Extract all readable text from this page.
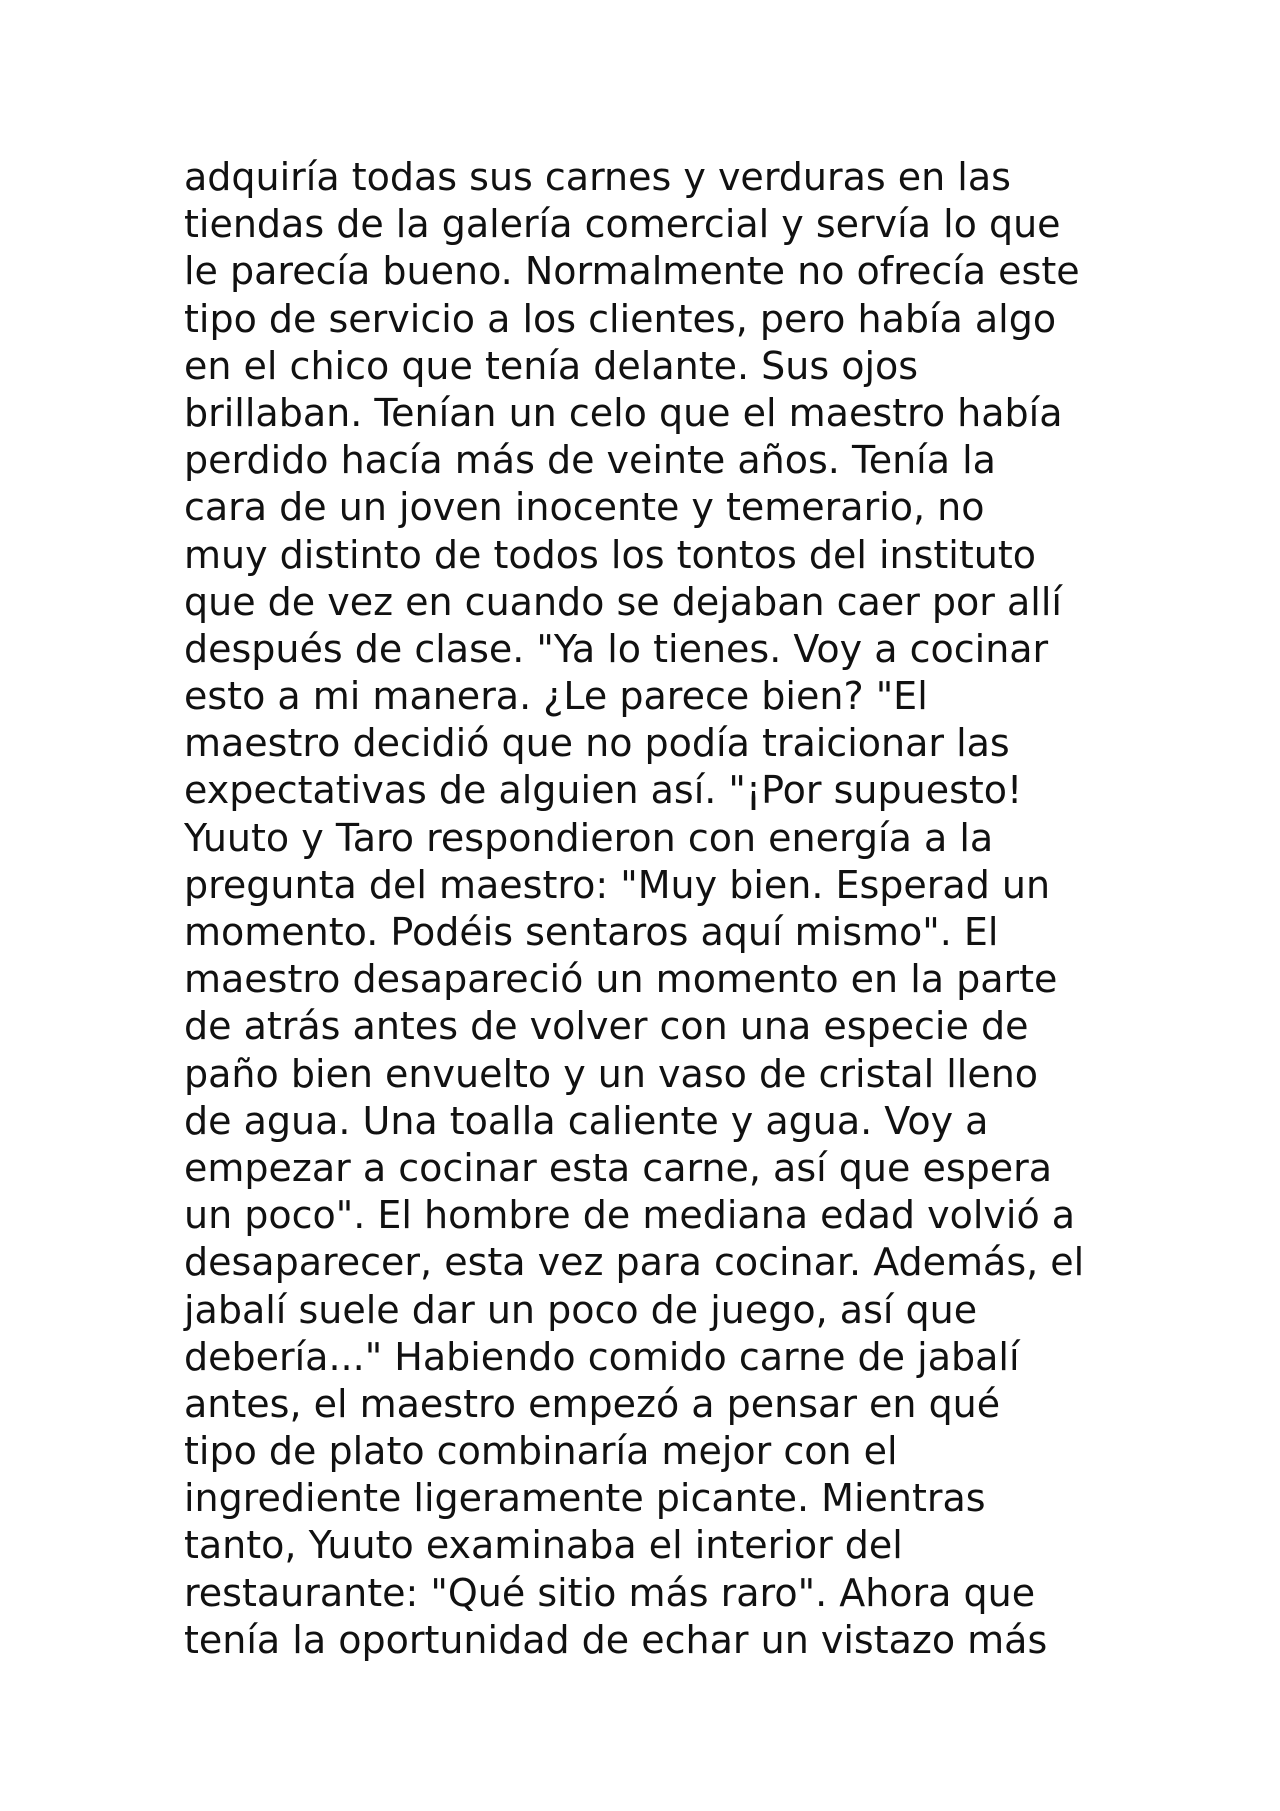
adquiría todas sus carnes y verduras en las
tiendas de la galería comercial y servía lo que
le parecía bueno. Normalmente no ofrecía este
tipo de servicio a los clientes, pero había algo
en el chico que tenía delante. Sus ojos
brillaban. Tenían un celo que el maestro había
perdido hacía más de veinte años. Tenía la
cara de un joven inocente y temerario, no
muy distinto de todos los tontos del instituto
que de vez en cuando se dejaban caer por allí
después de clase. "Ya lo tienes. Voy a cocinar
esto a mi manera. ¿Le parece bien? "El
maestro decidió que no podía traicionar las
expectativas de alguien así. "¡Por supuesto!
Yuuto y Taro respondieron con energía a la
pregunta del maestro: "Muy bien. Esperad un
momento. Podéis sentaros aquí mismo". El
maestro desapareció un momento en la parte
de atrás antes de volver con una especie de
paño bien envuelto y un vaso de cristal lleno
de agua. Una toalla caliente y agua. Voy a
empezar a cocinar esta carne, así que espera
un poco". El hombre de mediana edad volvió a
desaparecer, esta vez para cocinar. Además, el
jabalí suele dar un poco de juego, así que
debería..." Habiendo comido carne de jabalí
antes, el maestro empezó a pensar en qué
tipo de plato combinaría mejor con el
ingrediente ligeramente picante. Mientras
tanto, Yuuto examinaba el interior del
restaurante: "Qué sitio más raro". Ahora que
tenía la oportunidad de echar un vistazo más
